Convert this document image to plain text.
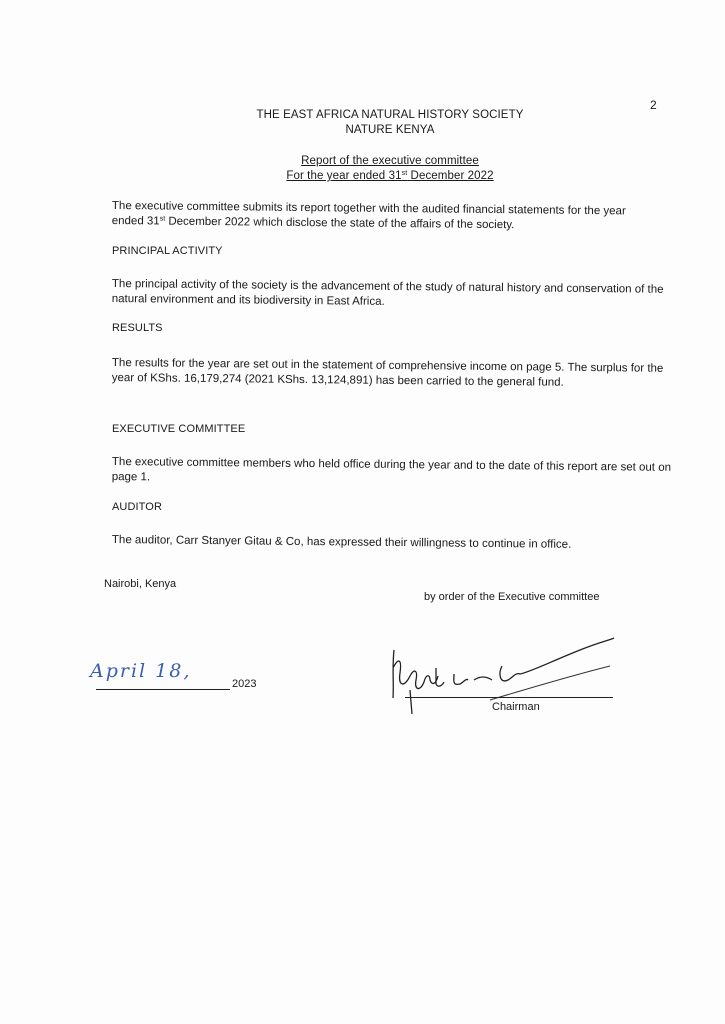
2
THE EAST AFRICA NATURAL HISTORY SOCIETY
NATURE KENYA
Report of the executive committee
For the year ended 31st December 2022
The executive committee submits its report together with the audited financial statements for the year
ended 31st December 2022 which disclose the state of the affairs of the society.
PRINCIPAL ACTIVITY
The principal activity of the society is the advancement of the study of natural history and conservation of the natural environment and its biodiversity in East Africa.
RESULTS
The results for the year are set out in the statement of comprehensive income on page 5. The surplus for the year of KShs. 16,179,274 (2021 KShs. 13,124,891) has been carried to the general fund.
EXECUTIVE COMMITTEE
The executive committee members who held office during the year and to the date of this report are set out on page 1.
AUDITOR
The auditor, Carr Stanyer Gitau & Co, has expressed their willingness to continue in office.
Nairobi, Kenya
by order of the Executive committee
April 18,
2023
Chairman
